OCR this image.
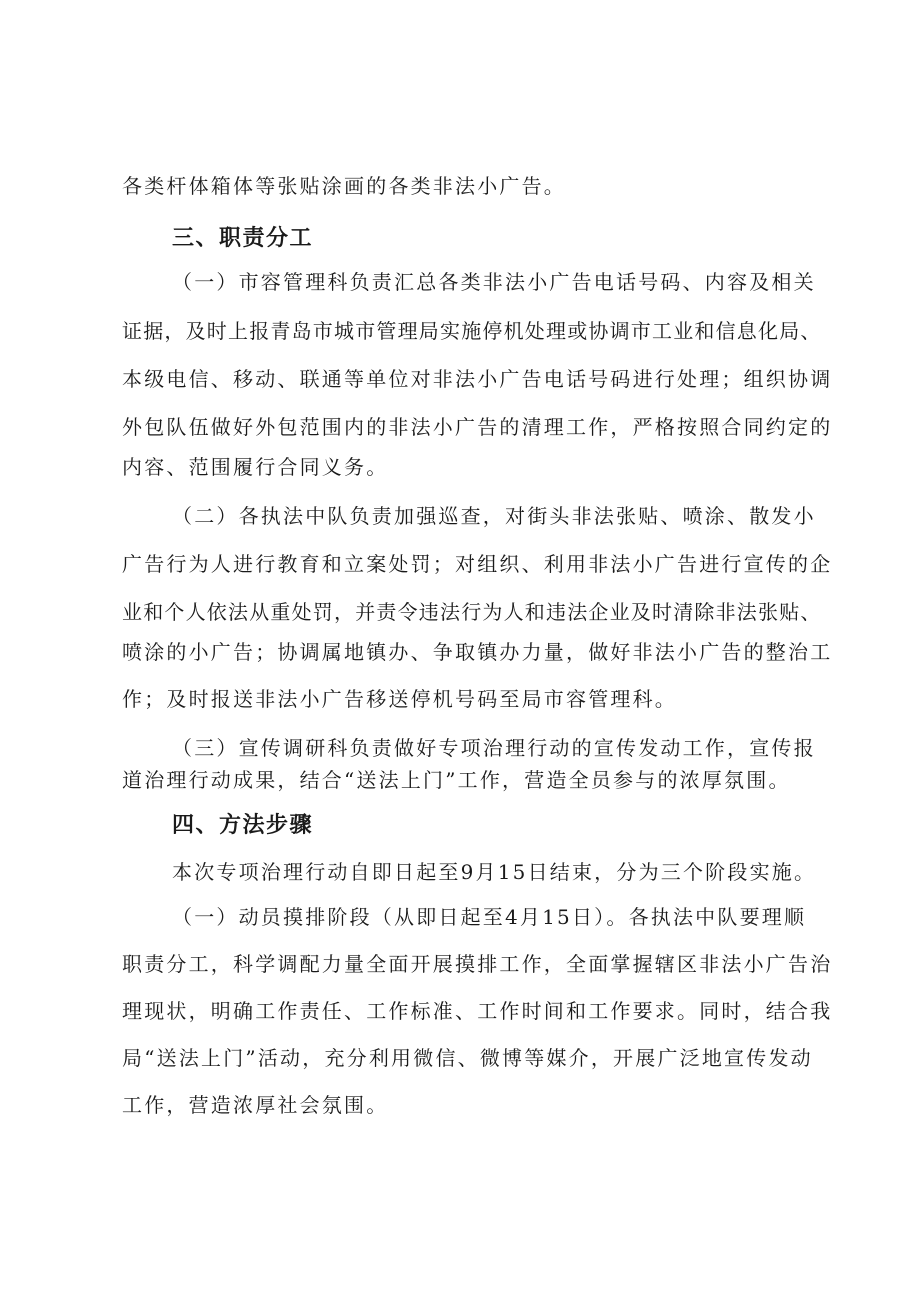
各类杆体箱体等张贴涂画的各类非法小广告。
三、职责分工
（一）市容管理科负责汇总各类非法小广告电话号码、内容及相关
证据，及时上报青岛市城市管理局实施停机处理或协调市工业和信息化局、
本级电信、移动、联通等单位对非法小广告电话号码进行处理；组织协调
外包队伍做好外包范围内的非法小广告的清理工作，严格按照合同约定的
内容、范围履行合同义务。
（二）各执法中队负责加强巡查，对街头非法张贴、喷涂、散发小
广告行为人进行教育和立案处罚；对组织、利用非法小广告进行宣传的企
业和个人依法从重处罚，并责令违法行为人和违法企业及时清除非法张贴、
喷涂的小广告；协调属地镇办、争取镇办力量，做好非法小广告的整治工
作；及时报送非法小广告移送停机号码至局市容管理科。
（三）宣传调研科负责做好专项治理行动的宣传发动工作，宣传报
道治理行动成果，结合“送法上门”工作，营造全员参与的浓厚氛围。
四、方法步骤
本次专项治理行动自即日起至9月15日结束，分为三个阶段实施。
（一）动员摸排阶段（从即日起至4月15日）。各执法中队要理顺
职责分工，科学调配力量全面开展摸排工作，全面掌握辖区非法小广告治
理现状，明确工作责任、工作标准、工作时间和工作要求。同时，结合我
局“送法上门”活动，充分利用微信、微博等媒介，开展广泛地宣传发动
工作，营造浓厚社会氛围。
